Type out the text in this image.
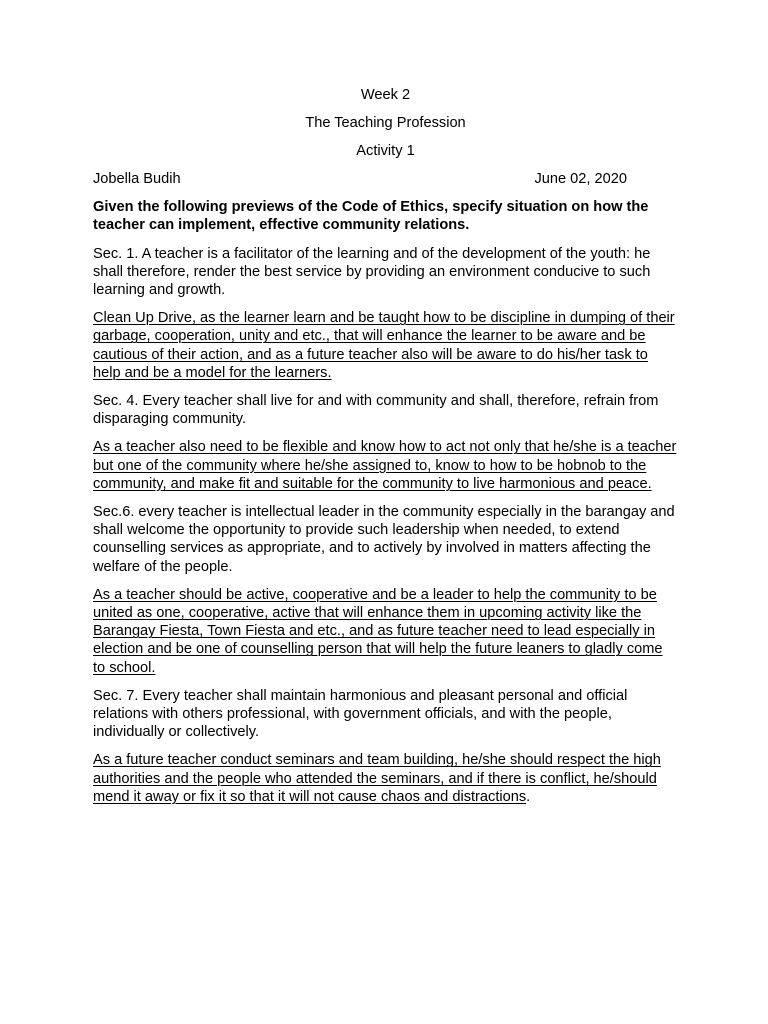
Week 2

The Teaching Profession

Activity 1

Jobella Budih	June 02, 2020

Given the following previews of the Code of Ethics, specify situation on how the teacher can implement, effective community relations.

Sec. 1. A teacher is a facilitator of the learning and of the development of the youth: he shall therefore, render the best service by providing an environment conducive to such learning and growth.

Clean Up Drive, as the learner learn and be taught how to be discipline in dumping of their garbage, cooperation, unity and etc., that will enhance the learner to be aware and be cautious of their action, and as a future teacher also will be aware to do his/her task to help and be a model for the learners.

Sec. 4. Every teacher shall live for and with community and shall, therefore, refrain from disparaging community.

As a teacher also need to be flexible and know how to act not only that he/she is a teacher but one of the community where he/she assigned to, know to how to be hobnob to the community, and make fit and suitable for the community to live harmonious and peace.

Sec.6. every teacher is intellectual leader in the community especially in the barangay and shall welcome the opportunity to provide such leadership when needed, to extend counselling services as appropriate, and to actively by involved in matters affecting the welfare of the people.

As a teacher should be active, cooperative and be a leader to help the community to be united as one, cooperative, active that will enhance them in upcoming activity like the Barangay Fiesta, Town Fiesta and etc., and as future teacher need to lead especially in election and be one of counselling person that will help the future leaners to gladly come to school.

Sec. 7. Every teacher shall maintain harmonious and pleasant personal and official relations with others professional, with government officials, and with the people, individually or collectively.

As a future teacher conduct seminars and team building, he/she should respect the high authorities and the people who attended the seminars, and if there is conflict, he/should mend it away or fix it so that it will not cause chaos and distractions.
